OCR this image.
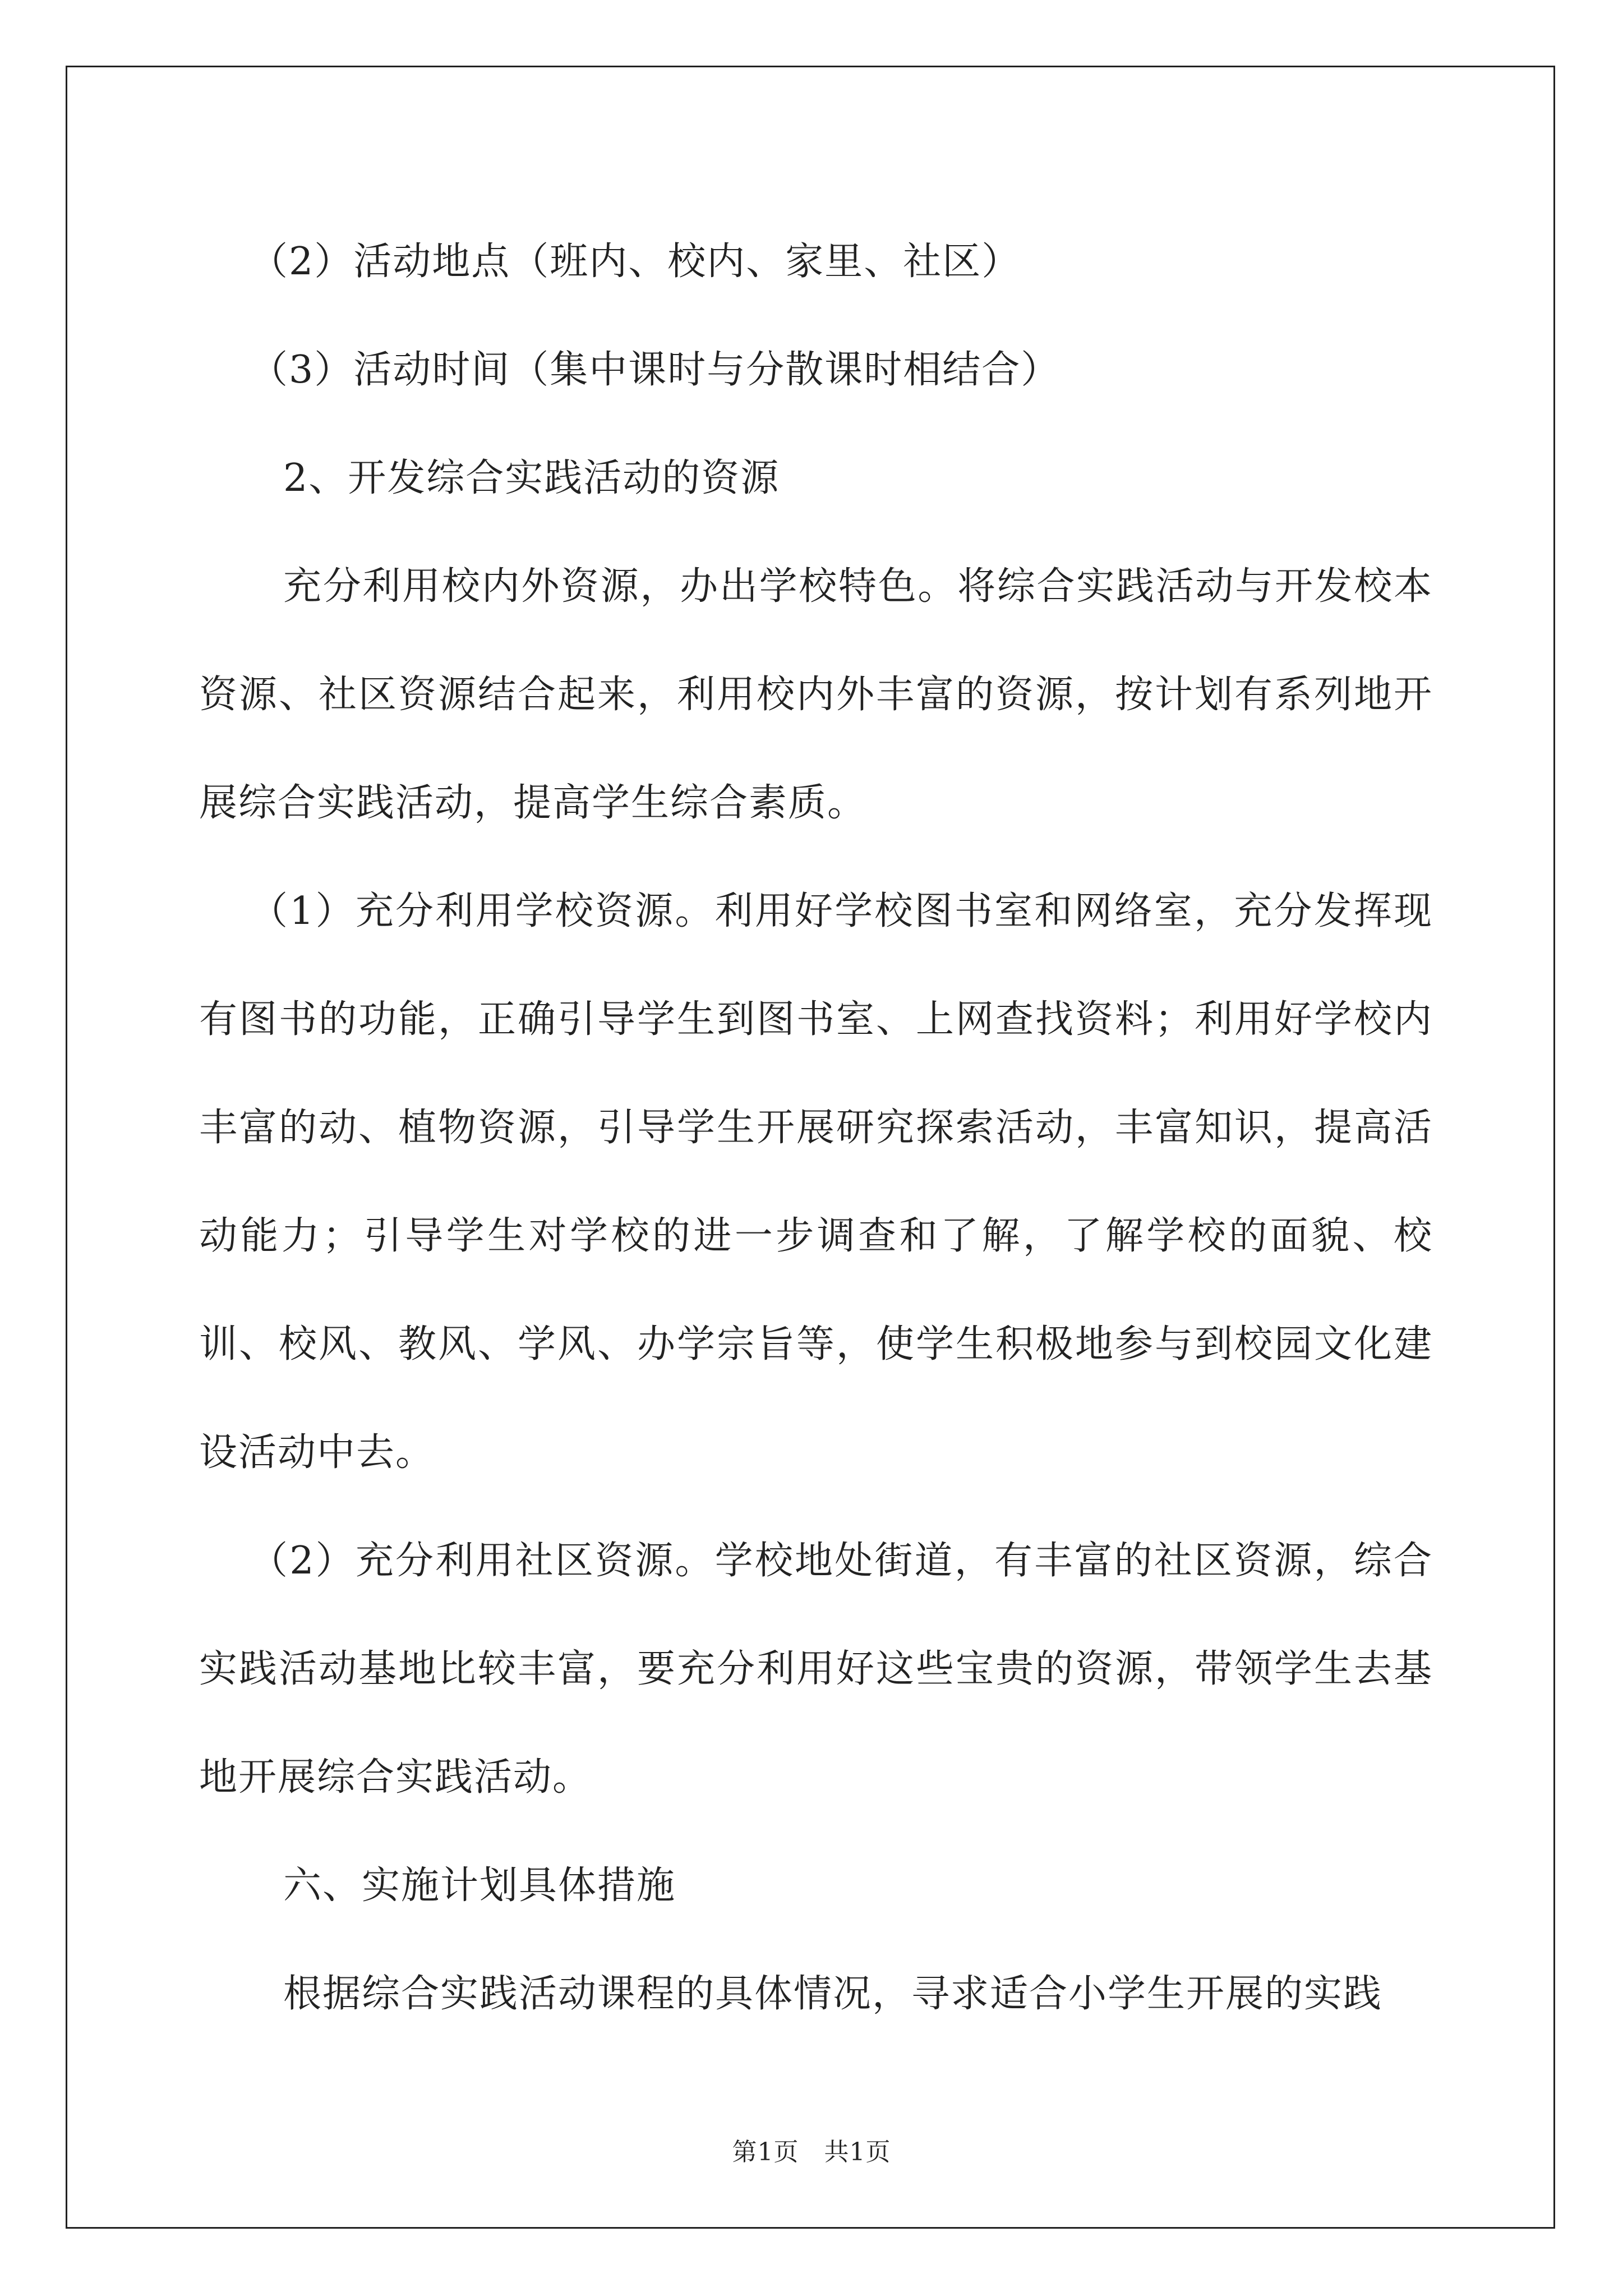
（2）活动地点（班内、校内、家里、社区）

（3）活动时间（集中课时与分散课时相结合）

2、开发综合实践活动的资源

充分利用校内外资源，办出学校特色。将综合实践活动与开发校本资源、社区资源结合起来，利用校内外丰富的资源，按计划有系列地开展综合实践活动，提高学生综合素质。

（1）充分利用学校资源。利用好学校图书室和网络室，充分发挥现有图书的功能，正确引导学生到图书室、上网查找资料；利用好学校内丰富的动、植物资源，引导学生开展研究探索活动，丰富知识，提高活动能力；引导学生对学校的进一步调查和了解，了解学校的面貌、校训、校风、教风、学风、办学宗旨等，使学生积极地参与到校园文化建设活动中去。

（2）充分利用社区资源。学校地处街道，有丰富的社区资源，综合实践活动基地比较丰富，要充分利用好这些宝贵的资源，带领学生去基地开展综合实践活动。

六、实施计划具体措施

根据综合实践活动课程的具体情况，寻求适合小学生开展的实践

第1页　共1页
